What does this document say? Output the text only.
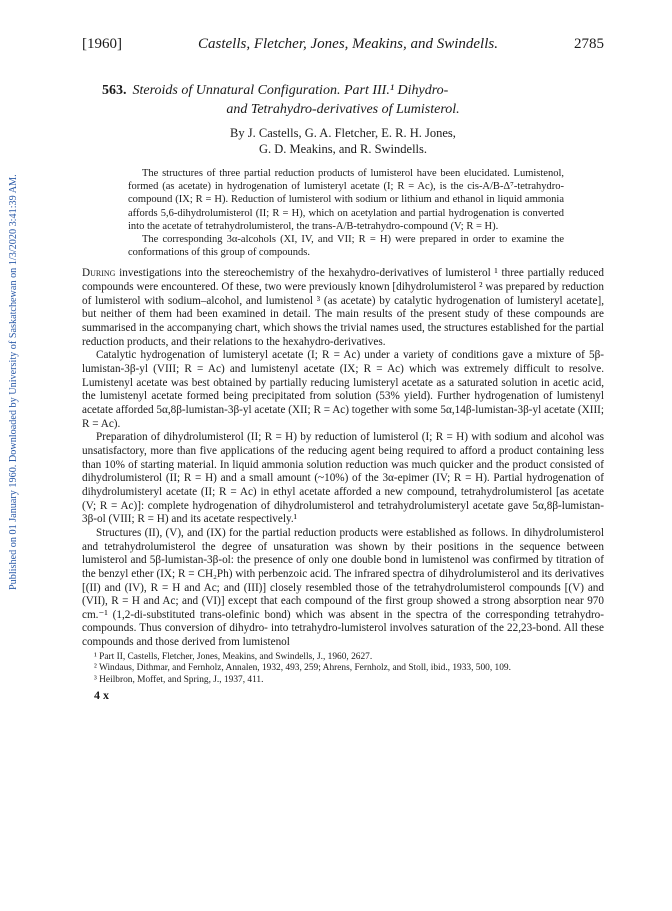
Published on 01 January 1960. Downloaded by University of Saskatchewan on 1/3/2020 3:41:39 AM.
[1960]	Castells, Fletcher, Jones, Meakins, and Swindells.	2785
563. Steroids of Unnatural Configuration. Part III.¹ Dihydro-
and Tetrahydro-derivatives of Lumisterol.
By J. Castells, G. A. Fletcher, E. R. H. Jones,
G. D. Meakins, and R. Swindells.

The structures of three partial reduction products of lumisterol have been elucidated. Lumistenol, formed (as acetate) in hydrogenation of lumisteryl acetate (I; R = Ac), is the cis-A/B-Δ⁷-tetrahydro-compound (IX; R = H). Reduction of lumisterol with sodium or lithium and ethanol in liquid ammonia affords 5,6-dihydrolumisterol (II; R = H), which on acetylation and partial hydrogenation is converted into the acetate of tetrahydrolumisterol, the trans-A/B-tetrahydro-compound (V; R = H).

The corresponding 3α-alcohols (XI, IV, and VII; R = H) were prepared in order to examine the conformations of this group of compounds.

During investigations into the stereochemistry of the hexahydro-derivatives of lumisterol ¹ three partially reduced compounds were encountered. Of these, two were previously known [dihydrolumisterol ² was prepared by reduction of lumisterol with sodium–alcohol, and lumistenol ³ (as acetate) by catalytic hydrogenation of lumisteryl acetate], but neither of them had been examined in detail. The main results of the present study of these compounds are summarised in the accompanying chart, which shows the trivial names used, the structures established for the partial reduction products, and their relations to the hexahydro-derivatives.

Catalytic hydrogenation of lumisteryl acetate (I; R = Ac) under a variety of conditions gave a mixture of 5β-lumistan-3β-yl (VIII; R = Ac) and lumistenyl acetate (IX; R = Ac) which was extremely difficult to resolve. Lumistenyl acetate was best obtained by partially reducing lumisteryl acetate as a saturated solution in acetic acid, the lumistenyl acetate formed being precipitated from solution (53% yield). Further hydrogenation of lumistenyl acetate afforded 5α,8β-lumistan-3β-yl acetate (XII; R = Ac) together with some 5α,14β-lumistan-3β-yl acetate (XIII; R = Ac).

Preparation of dihydrolumisterol (II; R = H) by reduction of lumisterol (I; R = H) with sodium and alcohol was unsatisfactory, more than five applications of the reducing agent being required to afford a product containing less than 10% of starting material. In liquid ammonia solution reduction was much quicker and the product consisted of dihydrolumisterol (II; R = H) and a small amount (~10%) of the 3α-epimer (IV; R = H). Partial hydrogenation of dihydrolumisteryl acetate (II; R = Ac) in ethyl acetate afforded a new compound, tetrahydrolumisterol [as acetate (V; R = Ac)]: complete hydrogenation of dihydrolumisterol and tetrahydrolumisteryl acetate gave 5α,8β-lumistan-3β-ol (VIII; R = H) and its acetate respectively.¹

Structures (II), (V), and (IX) for the partial reduction products were established as follows. In dihydrolumisterol and tetrahydrolumisterol the degree of unsaturation was shown by their positions in the sequence between lumisterol and 5β-lumistan-3β-ol: the presence of only one double bond in lumistenol was confirmed by titration of the benzyl ether (IX; R = CH₂Ph) with perbenzoic acid. The infrared spectra of dihydrolumisterol and its derivatives [(II) and (IV), R = H and Ac; and (III)] closely resembled those of the tetrahydrolumisterol compounds [(V) and (VII), R = H and Ac; and (VI)] except that each compound of the first group showed a strong absorption near 970 cm.⁻¹ (1,2-di-substituted trans-olefinic bond) which was absent in the spectra of the corresponding tetrahydro-compounds. Thus conversion of dihydro- into tetrahydro-lumisterol involves saturation of the 22,23-bond. All these compounds and those derived from lumistenol

¹ Part II, Castells, Fletcher, Jones, Meakins, and Swindells, J., 1960, 2627.
² Windaus, Dithmar, and Fernholz, Annalen, 1932, 493, 259; Ahrens, Fernholz, and Stoll, ibid., 1933, 500, 109.
³ Heilbron, Moffet, and Spring, J., 1937, 411.
4 x
